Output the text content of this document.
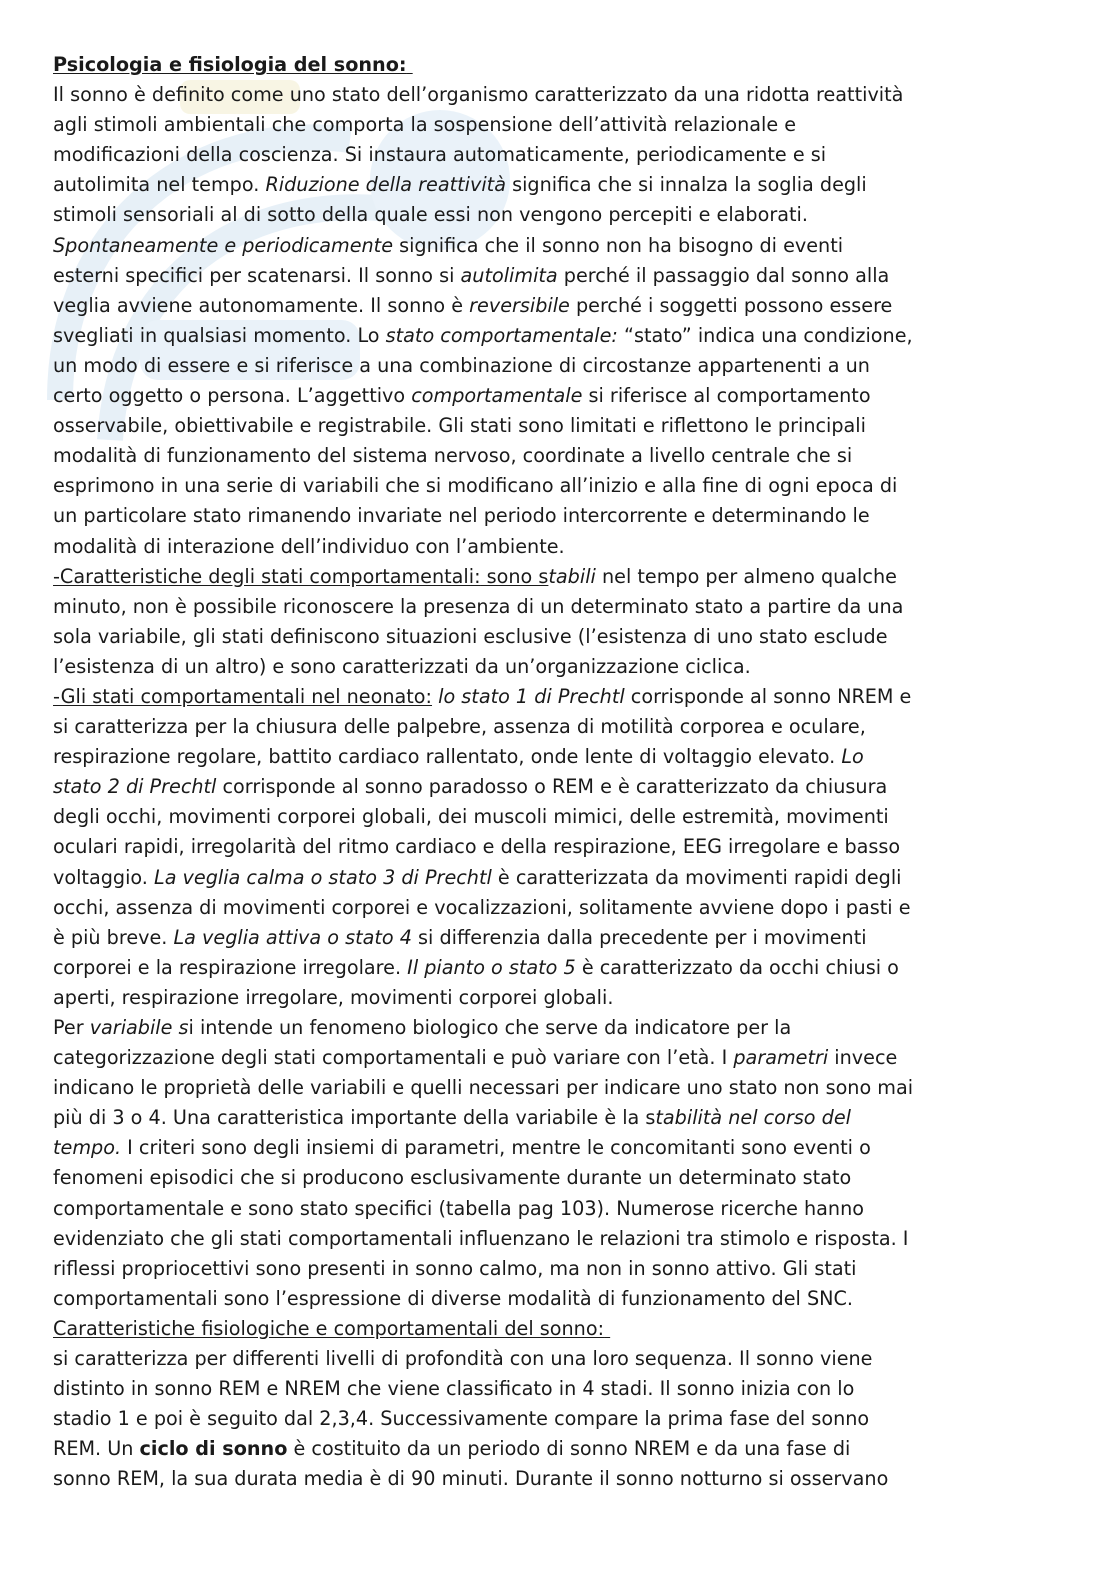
Psicologia e fisiologia del sonno:
Il sonno è definito come uno stato dell’organismo caratterizzato da una ridotta reattività
agli stimoli ambientali che comporta la sospensione dell’attività relazionale e
modificazioni della coscienza. Si instaura automaticamente, periodicamente e si
autolimita nel tempo. Riduzione della reattività significa che si innalza la soglia degli
stimoli sensoriali al di sotto della quale essi non vengono percepiti e elaborati.
Spontaneamente e periodicamente significa che il sonno non ha bisogno di eventi
esterni specifici per scatenarsi. Il sonno si autolimita perché il passaggio dal sonno alla
veglia avviene autonomamente. Il sonno è reversibile perché i soggetti possono essere
svegliati in qualsiasi momento. Lo stato comportamentale: “stato” indica una condizione,
un modo di essere e si riferisce a una combinazione di circostanze appartenenti a un
certo oggetto o persona. L’aggettivo comportamentale si riferisce al comportamento
osservabile, obiettivabile e registrabile. Gli stati sono limitati e riflettono le principali
modalità di funzionamento del sistema nervoso, coordinate a livello centrale che si
esprimono in una serie di variabili che si modificano all’inizio e alla fine di ogni epoca di
un particolare stato rimanendo invariate nel periodo intercorrente e determinando le
modalità di interazione dell’individuo con l’ambiente.
-Caratteristiche degli stati comportamentali: sono stabili nel tempo per almeno qualche
minuto, non è possibile riconoscere la presenza di un determinato stato a partire da una
sola variabile, gli stati definiscono situazioni esclusive (l’esistenza di uno stato esclude
l’esistenza di un altro) e sono caratterizzati da un’organizzazione ciclica.
-Gli stati comportamentali nel neonato: lo stato 1 di Prechtl corrisponde al sonno NREM e
si caratterizza per la chiusura delle palpebre, assenza di motilità corporea e oculare,
respirazione regolare, battito cardiaco rallentato, onde lente di voltaggio elevato. Lo
stato 2 di Prechtl corrisponde al sonno paradosso o REM e è caratterizzato da chiusura
degli occhi, movimenti corporei globali, dei muscoli mimici, delle estremità, movimenti
oculari rapidi, irregolarità del ritmo cardiaco e della respirazione, EEG irregolare e basso
voltaggio. La veglia calma o stato 3 di Prechtl è caratterizzata da movimenti rapidi degli
occhi, assenza di movimenti corporei e vocalizzazioni, solitamente avviene dopo i pasti e
è più breve. La veglia attiva o stato 4 si differenzia dalla precedente per i movimenti
corporei e la respirazione irregolare. Il pianto o stato 5 è caratterizzato da occhi chiusi o
aperti, respirazione irregolare, movimenti corporei globali.
Per variabile si intende un fenomeno biologico che serve da indicatore per la
categorizzazione degli stati comportamentali e può variare con l’età. I parametri invece
indicano le proprietà delle variabili e quelli necessari per indicare uno stato non sono mai
più di 3 o 4. Una caratteristica importante della variabile è la stabilità nel corso del
tempo. I criteri sono degli insiemi di parametri, mentre le concomitanti sono eventi o
fenomeni episodici che si producono esclusivamente durante un determinato stato
comportamentale e sono stato specifici (tabella pag 103). Numerose ricerche hanno
evidenziato che gli stati comportamentali influenzano le relazioni tra stimolo e risposta. I
riflessi propriocettivi sono presenti in sonno calmo, ma non in sonno attivo. Gli stati
comportamentali sono l’espressione di diverse modalità di funzionamento del SNC.
Caratteristiche fisiologiche e comportamentali del sonno:
si caratterizza per differenti livelli di profondità con una loro sequenza. Il sonno viene
distinto in sonno REM e NREM che viene classificato in 4 stadi. Il sonno inizia con lo
stadio 1 e poi è seguito dal 2,3,4. Successivamente compare la prima fase del sonno
REM. Un ciclo di sonno è costituito da un periodo di sonno NREM e da una fase di
sonno REM, la sua durata media è di 90 minuti. Durante il sonno notturno si osservano
